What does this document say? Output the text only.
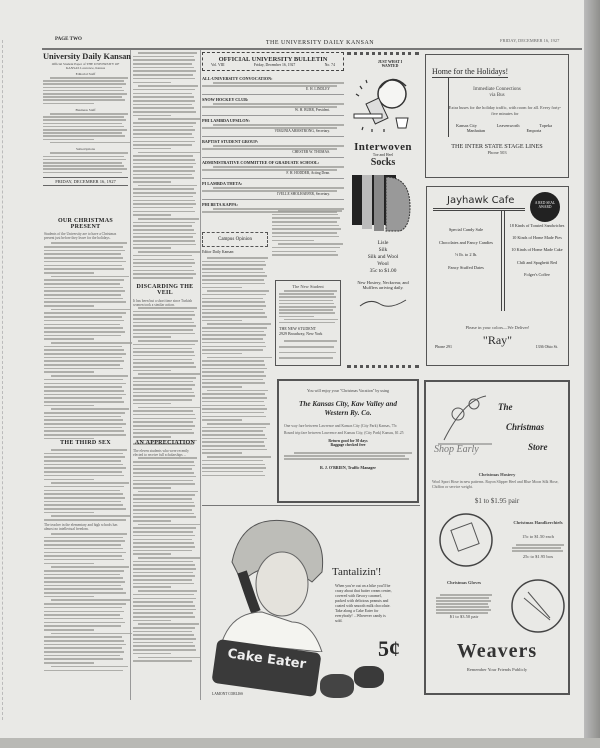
PAGE TWO
THE UNIVERSITY DAILY KANSAN	FRIDAY, DECEMBER 16, 1927
University Daily Kansan
Official Student Paper of THE UNIVERSITY OF KANSAS Lawrence, Kansas
Editorial Staff
Business Staff
Subscriptions
FRIDAY, DECEMBER 16, 1927
OUR CHRISTMAS PRESENT
Students of the University are to have a Christmas present just before they leave for the holidays.
THE THIRD SEX
The teacher in the elementary and high schools has almost no intellectual freedom.
DISCARDING THE VEIL
It has been but a short time since Turkish women took a similar action.
AN APPRECIATION
The eleven students who were recently elected to receive full scholarships ...
OFFICIAL UNIVERSITY BULLETIN
Vol. VIII	Friday, December 16, 1927	No. 74
ALL-UNIVERSITY CONVOCATION:
E. H. LINDLEY
SNOW HOCKEY CLUB:
W. H. BURR, President.
PHI LAMBDA UPSILON:
VIRGINIA ARMSTRONG, Secretary.
BAPTIST STUDENT GROUP:
CHESTER W. THOMAS.
ADMINISTRATIVE COMMITTEE OF GRADUATE SCHOOL:
F. H. HODDER, Acting Dean.
PI LAMBDA THETA:
IVELLE SHOLHAEFER, Secretary.
PHI BETA KAPPA:
Campus Opinion
Editor Daily Kansan:
The New Student
THE NEW STUDENT
2929 Broadway, New York
JUST WHAT I WANTED
Interwoven
Toe and Heel
Socks
Lisle
Silk
Silk and Wool
Wool
35c to $1.00
New Hosiery, Neckwear, and Mufflers arriving daily.
Home for the Holidays!
Immediate Connections
via Bus
Extra buses for the holiday traffic, with room for all. Every forty-five minutes for
Kansas City	Leavenworth	Topeka
Manhattan	Emporia
THE INTER STATE STAGE LINES
Phone 503
Jayhawk Cafe	A RED SEAL AWARD
Special Candy Sale
Chocolates and Fancy Candies
½ lb. to 2 lb.
Fancy Stuffed Dates
18 Kinds of Toasted Sandwiches
10 Kinds of Home Made Pies
10 Kinds of Home Made Cake
Chili and Spaghetti Red
Folger's Coffee
Please in your colors—We Deliver!
"Ray"
Phone 291	1336 Ohio St.
You will enjoy your "Christmas Vacation" by using
The Kansas City, Kaw Valley and Western Ry. Co.
One way fare between Lawrence and Kansas City (City Park) Kansas, 75c
Round trip fare between Lawrence and Kansas City, (City Park) Kansas, $1.25
Return good for 30 days
Baggage checked free
R. J. O'BRIEN, Traffic Manager
Shop Early
The
Christmas
Store
Christmas Hosiery
Wool Sport Hose in new patterns. Rayon Slipper Heel and Blue Moon Silk Hose, Chiffon or service weight.
$1 to $1.95 pair
Christmas Handkerchiefs
15c to $1.50 each
25c to $1.95 box
Christmas Gloves
$1 to $3.50 pair
Weavers
Remember Your Friends Publicly
Tantalizin'!
When you're out on a hike you'll be crazy about that butter cream center, covered with flavory caramel, packed with delicious peanuts and coated with smooth milk chocolate. Take along a Cake Eater for everybody! ...Wherever candy is sold.
5¢
Cake Eater
LAMONT CORLISS
